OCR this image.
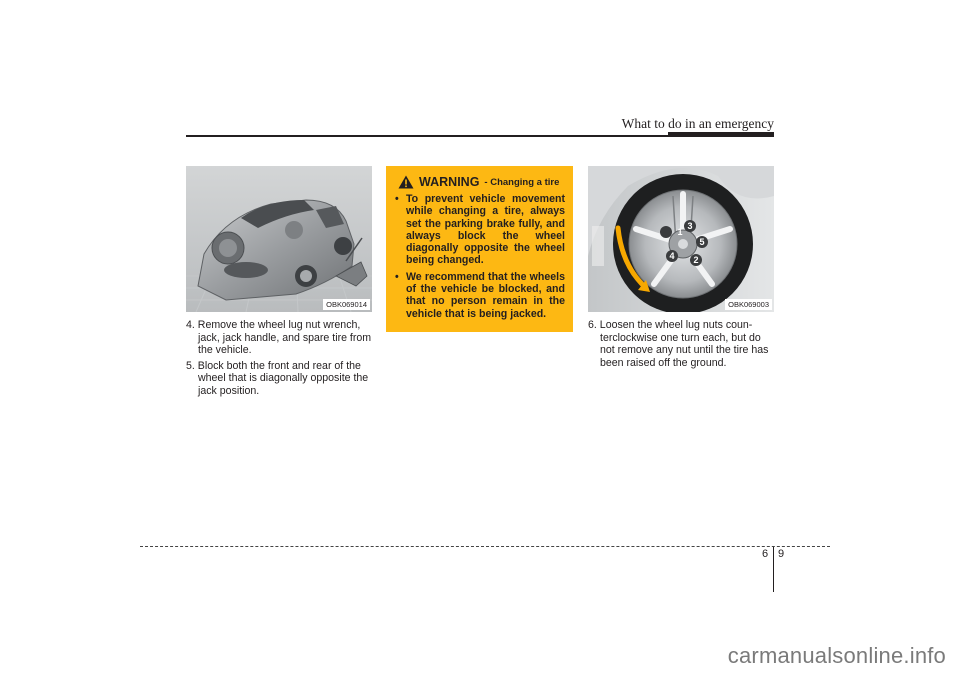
What to do in an emergency
OBK069014
4. Remove the wheel lug nut wrench,
jack, jack handle, and spare tire from the vehicle.
5. Block both the front and rear of the
wheel that is diagonally opposite the jack position.
WARNING - Changing a tire
• To prevent vehicle movement while changing a tire, always set the parking brake fully, and always block the wheel diagonally opposite the wheel being changed.
• We recommend that the wheels of the vehicle be blocked, and that no person remain in the vehicle that is being jacked.
1
2
3
4
5
OBK069003
6. Loosen the wheel lug nuts coun-
terclockwise one turn each, but do not remove any nut until the tire has been raised off the ground.
6 9
carmanualsonline.info
